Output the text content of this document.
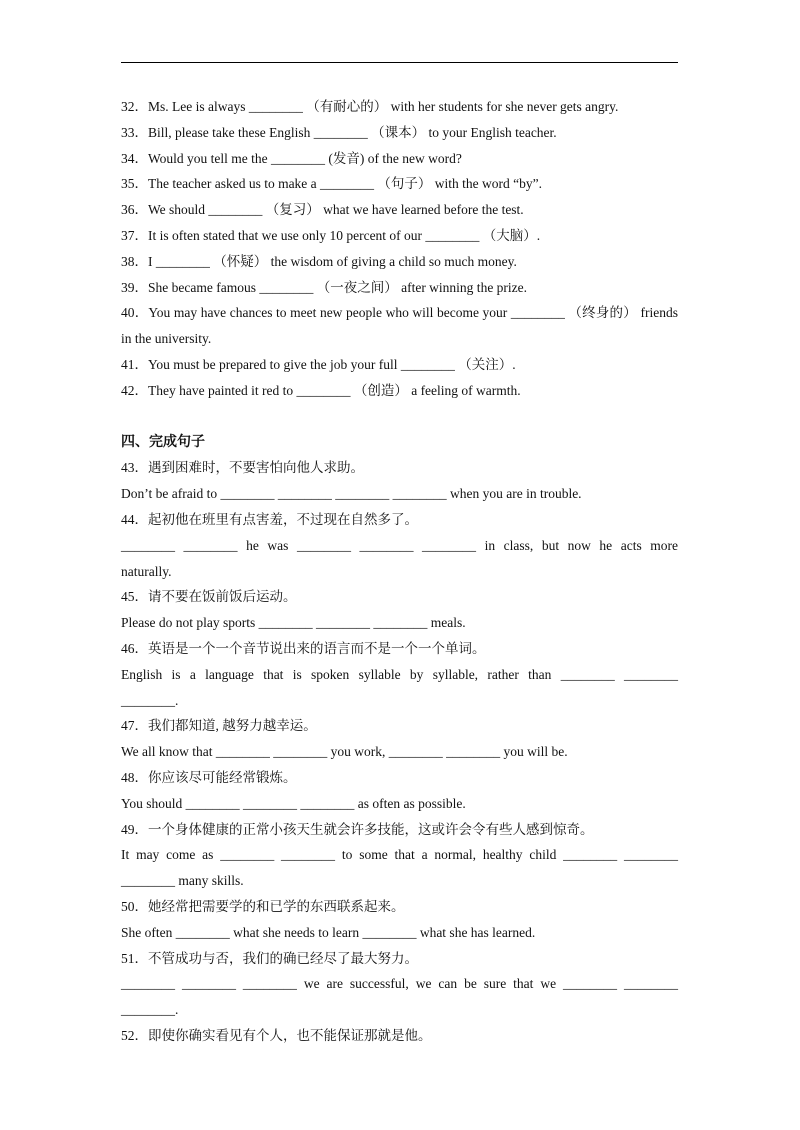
32．Ms. Lee is always ________ （有耐心的） with her students for she never gets angry.
33．Bill, please take these English ________ （课本） to your English teacher.
34．Would you tell me the ________ (发音) of the new word?
35．The teacher asked us to make a ________ （句子） with the word “by”.
36．We should ________ （复习） what we have learned before the test.
37．It is often stated that we use only 10 percent of our ________ （大脑）.
38．I ________ （怀疑） the wisdom of giving a child so much money.
39．She became famous ________ （一夜之间） after winning the prize.
40．You may have chances to meet new people who will become your ________ （终身的） friends
in the university.
41．You must be prepared to give the job your full ________ （关注）.
42．They have painted it red to ________ （创造） a feeling of warmth.
四、完成句子
43．遇到困难时，不要害怕向他人求助。
Don’t be afraid to ________ ________ ________ ________ when you are in trouble.
44．起初他在班里有点害羞，不过现在自然多了。
________ ________ he was ________ ________ ________ in class, but now he acts more
naturally.
45．请不要在饭前饭后运动。
Please do not play sports ________ ________ ________ meals.
46．英语是一个一个音节说出来的语言而不是一个一个单词。
English is a language that is spoken syllable by syllable, rather than ________ ________
________.
47．我们都知道, 越努力越幸运。
We all know that ________ ________ you work, ________ ________ you will be.
48．你应该尽可能经常锻炼。
You should ________ ________ ________ as often as possible.
49．一个身体健康的正常小孩天生就会许多技能，这或许会令有些人感到惊奇。
It may come as ________ ________ to some that a normal, healthy child ________ ________
________ many skills.
50．她经常把需要学的和已学的东西联系起来。
She often ________ what she needs to learn ________ what she has learned.
51．不管成功与否，我们的确已经尽了最大努力。
________ ________ ________ we are successful, we can be sure that we ________ ________
________.
52．即使你确实看见有个人，也不能保证那就是他。
